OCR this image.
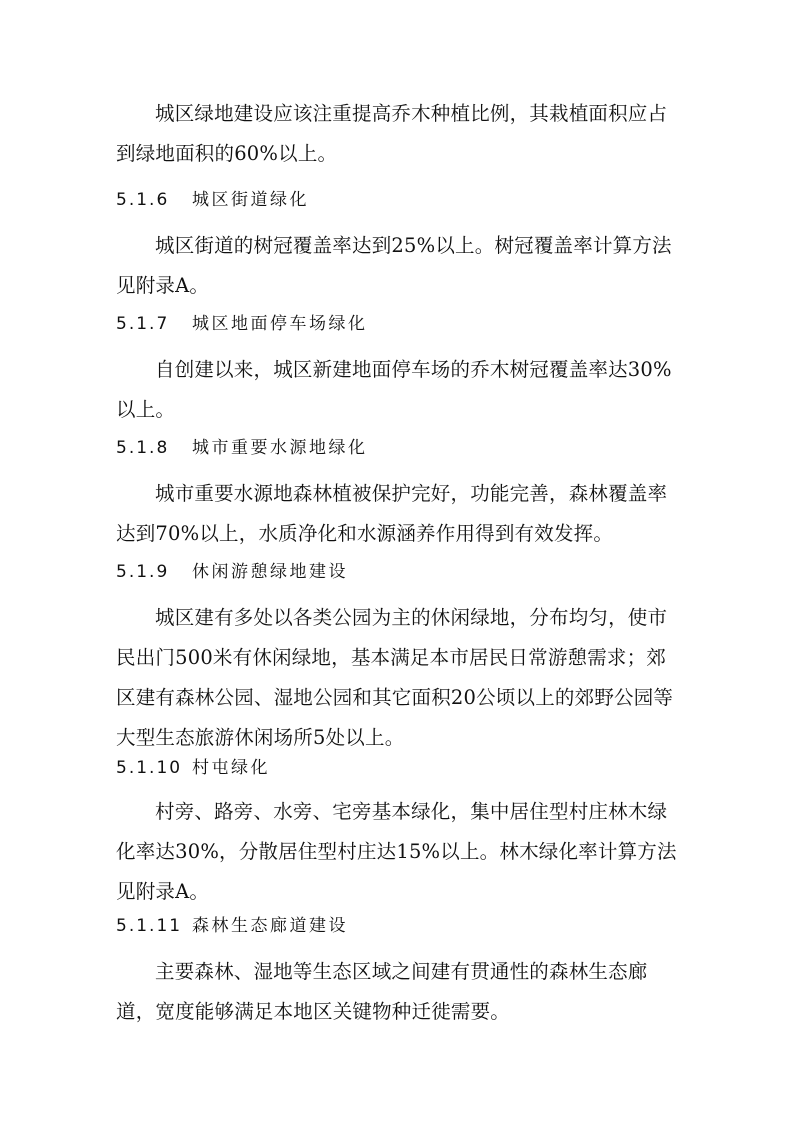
城区绿地建设应该注重提高乔木种植比例，其栽植面积应占
到绿地面积的60%以上。

5.1.6 城区街道绿化

城区街道的树冠覆盖率达到25%以上。树冠覆盖率计算方法
见附录A。

5.1.7 城区地面停车场绿化

自创建以来，城区新建地面停车场的乔木树冠覆盖率达30%
以上。

5.1.8 城市重要水源地绿化

城市重要水源地森林植被保护完好，功能完善，森林覆盖率
达到70%以上，水质净化和水源涵养作用得到有效发挥。

5.1.9 休闲游憩绿地建设

城区建有多处以各类公园为主的休闲绿地，分布均匀，使市
民出门500米有休闲绿地，基本满足本市居民日常游憩需求；郊
区建有森林公园、湿地公园和其它面积20公顷以上的郊野公园等
大型生态旅游休闲场所5处以上。

5.1.10 村屯绿化

村旁、路旁、水旁、宅旁基本绿化，集中居住型村庄林木绿
化率达30%，分散居住型村庄达15%以上。林木绿化率计算方法
见附录A。

5.1.11 森林生态廊道建设

主要森林、湿地等生态区域之间建有贯通性的森林生态廊
道，宽度能够满足本地区关键物种迁徙需要。
